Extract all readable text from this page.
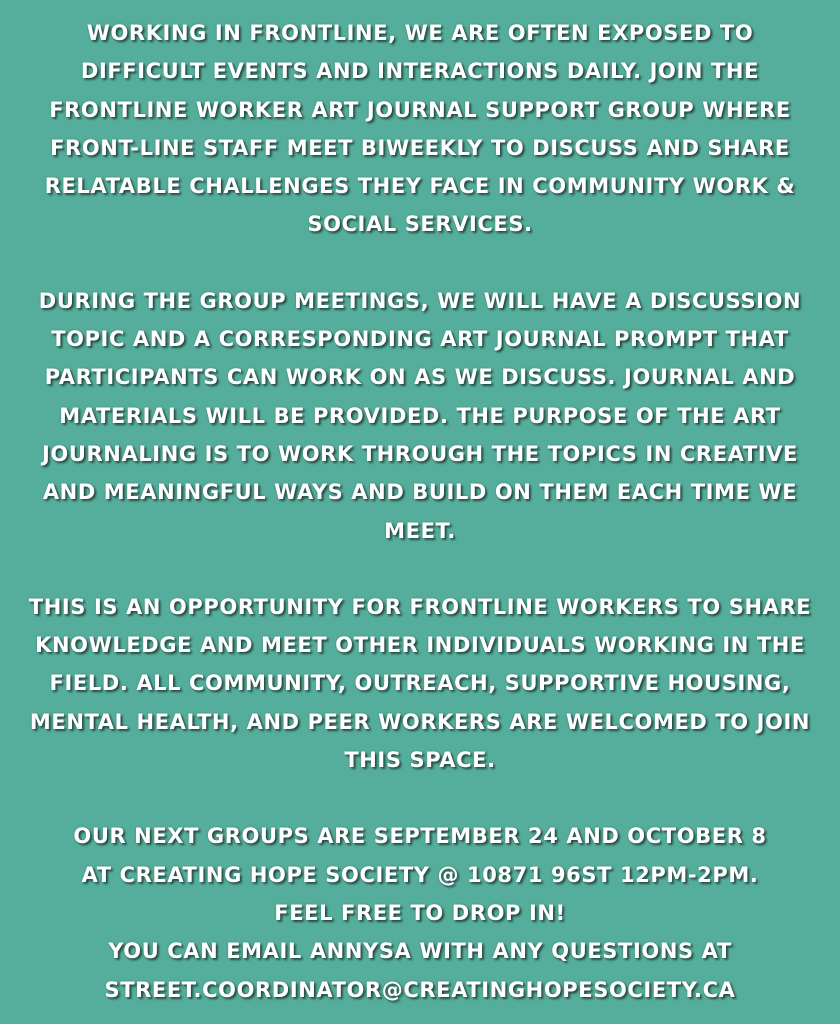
WORKING IN FRONTLINE, WE ARE OFTEN EXPOSED TO DIFFICULT EVENTS AND INTERACTIONS DAILY. JOIN THE FRONTLINE WORKER ART JOURNAL SUPPORT GROUP WHERE FRONT-LINE STAFF MEET BIWEEKLY TO DISCUSS AND SHARE RELATABLE CHALLENGES THEY FACE IN COMMUNITY WORK & SOCIAL SERVICES.

DURING THE GROUP MEETINGS, WE WILL HAVE A DISCUSSION TOPIC AND A CORRESPONDING ART JOURNAL PROMPT THAT PARTICIPANTS CAN WORK ON AS WE DISCUSS. JOURNAL AND MATERIALS WILL BE PROVIDED. THE PURPOSE OF THE ART JOURNALING IS TO WORK THROUGH THE TOPICS IN CREATIVE AND MEANINGFUL WAYS AND BUILD ON THEM EACH TIME WE MEET.

THIS IS AN OPPORTUNITY FOR FRONTLINE WORKERS TO SHARE KNOWLEDGE AND MEET OTHER INDIVIDUALS WORKING IN THE FIELD. ALL COMMUNITY, OUTREACH, SUPPORTIVE HOUSING, MENTAL HEALTH, AND PEER WORKERS ARE WELCOMED TO JOIN THIS SPACE.

OUR NEXT GROUPS ARE SEPTEMBER 24 AND OCTOBER 8
AT CREATING HOPE SOCIETY @ 10871 96ST 12PM-2PM.
FEEL FREE TO DROP IN!
YOU CAN EMAIL ANNYSA WITH ANY QUESTIONS AT
STREET.COORDINATOR@CREATINGHOPESOCIETY.CA
